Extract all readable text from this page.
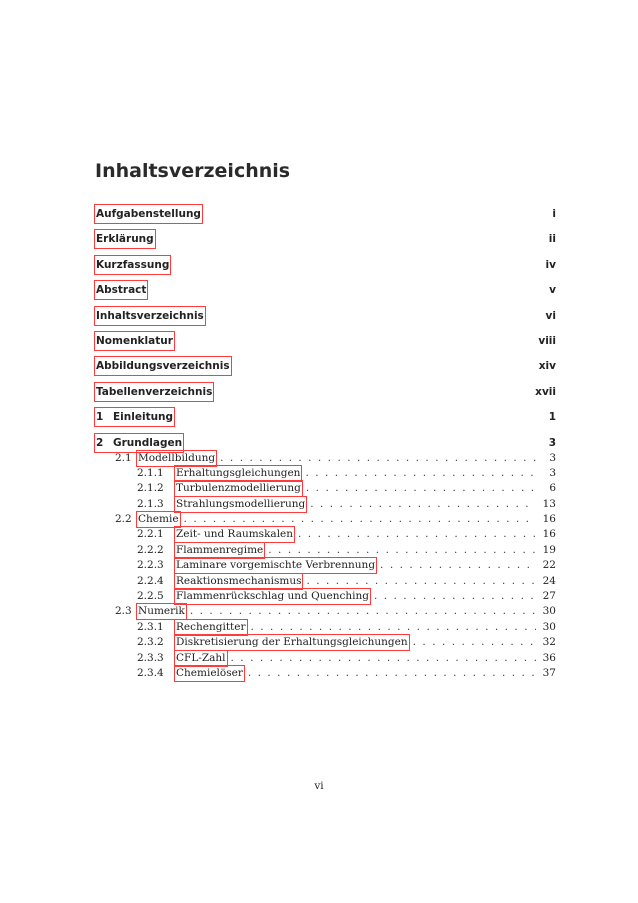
Inhaltsverzeichnis
Aufgabenstellung	i
Erklärung	ii
Kurzfassung	iv
Abstract	v
Inhaltsverzeichnis	vi
Nomenklatur	viii
Abbildungsverzeichnis	xiv
Tabellenverzeichnis	xvii
1 Einleitung	1
2 Grundlagen	3
2.1 Modellbildung . . .	3
2.1.1	Erhaltungsgleichungen . . .	3
2.1.2	Turbulenzmodellierung . . .	6
2.1.3	Strahlungsmodellierung . . .	13
2.2 Chemie . . .	16
2.2.1	Zeit- und Raumskalen . . .	16
2.2.2	Flammenregime . . .	19
2.2.3	Laminare vorgemischte Verbrennung . . .	22
2.2.4	Reaktionsmechanismus . . .	24
2.2.5	Flammenrückschlag und Quenching . . .	27
2.3 Numerik . . .	30
2.3.1	Rechengitter . . .	30
2.3.2	Diskretisierung der Erhaltungsgleichungen . . .	32
2.3.3	CFL-Zahl . . .	36
2.3.4	Chemielöser . . .	37
vi
